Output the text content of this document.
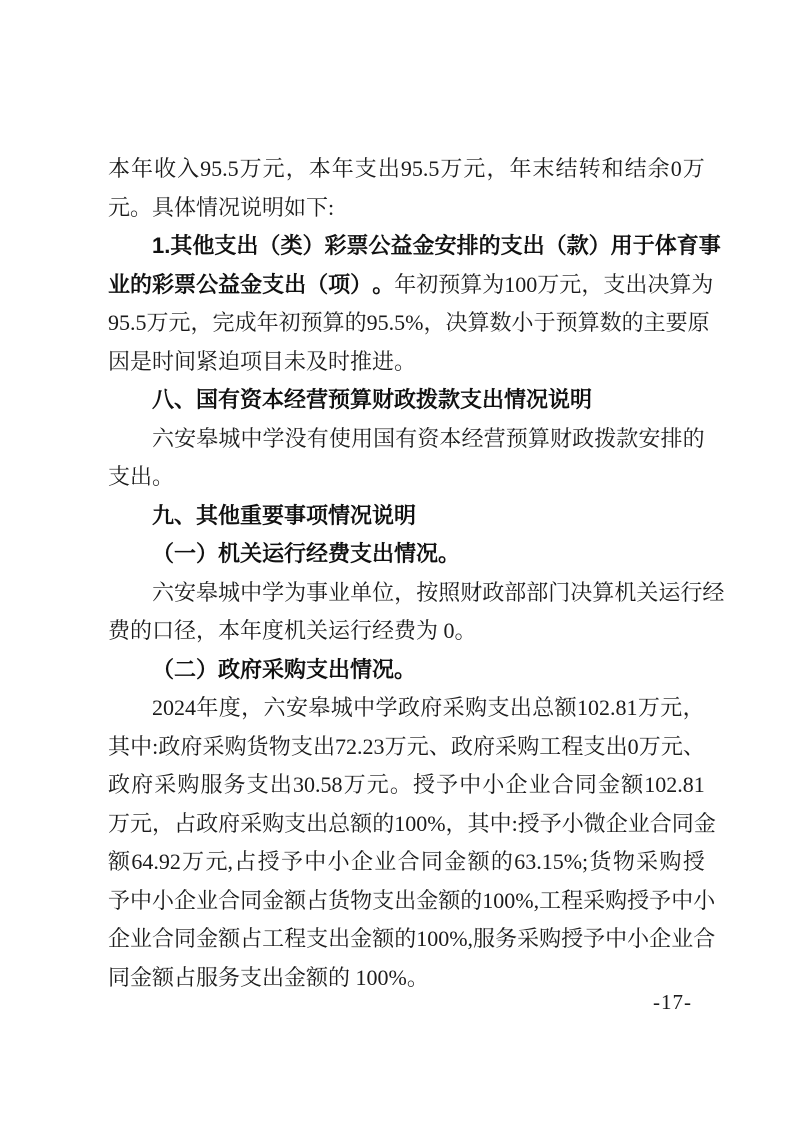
本 年 收 入 95.5 万 元 ， 本 年 支 出 95.5 万 元 ， 年 末 结 转 和 结 余 0 万
元。具体情况说明如下:
1. 其 他 支 出 （ 类 ） 彩 票 公 益 金 安 排 的 支 出 （ 款 ） 用 于 体 育 事
业 的 彩 票 公 益 金 支 出 （ 项 ） 。 年 初 预 算 为 100 万 元 ， 支 出 决 算 为
95.5 万 元 ， 完 成 年 初 预 算 的 95.5% ， 决 算 数 小 于 预 算 数 的 主 要 原
因是时间紧迫项目未及时推进。
八、国有资本经营预算财政拨款支出情况说明
六 安 皋 城 中 学 没 有 使 用 国 有 资 本 经 营 预 算 财 政 拨 款 安 排 的
支出。
九、其他重要事项情况说明
（一）机关运行经费支出情况。
六 安 皋 城 中 学 为 事 业 单 位 ， 按 照 财 政 部 部 门 决 算 机 关 运 行 经
费的口径，本年度机关运行经费为 0。
（二）政府采购支出情况。
2024 年 度 ， 六 安 皋 城 中 学 政 府 采 购 支 出 总 额 102.81 万 元 ，
其 中: 政 府 采 购 货 物 支 出 72.23 万 元 、 政 府 采 购 工 程 支 出 0 万 元 、
政 府 采 购 服 务 支 出 30.58 万 元 。 授 予 中 小 企 业 合 同 金 额 102.81
万 元 ， 占 政 府 采 购 支 出 总 额 的 100% ， 其 中: 授 予 小 微 企 业 合 同 金
额 64.92 万 元, 占 授 予 中 小 企 业 合 同 金 额 的 63.15%; 货 物 采 购 授
予 中 小 企 业 合 同 金 额 占 货 物 支 出 金 额 的 100%, 工 程 采 购 授 予 中 小
企 业 合 同 金 额 占 工 程 支 出 金 额 的 100%, 服 务 采 购 授 予 中 小 企 业 合
同金额占服务支出金额的 100%。
-17-
